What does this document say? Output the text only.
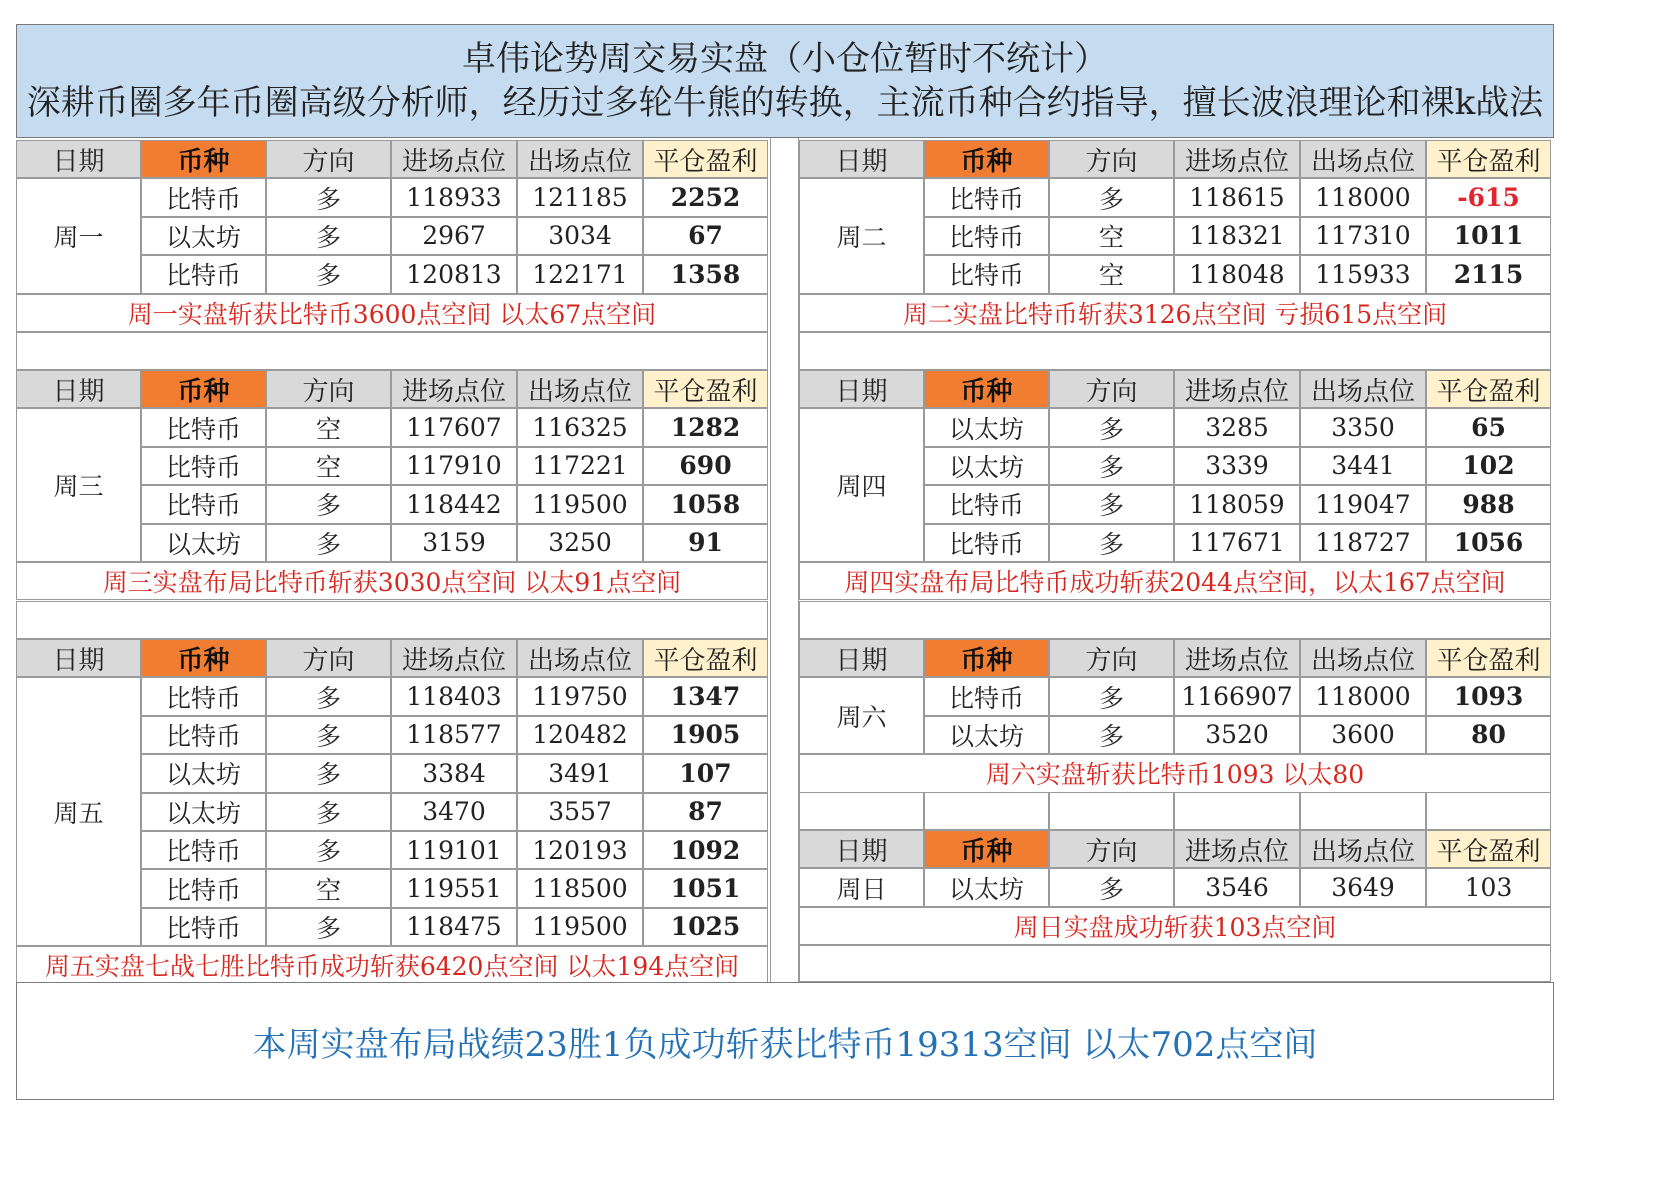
卓伟论势周交易实盘（小仓位暂时不统计）
深耕币圈多年币圈高级分析师，经历过多轮牛熊的转换，主流币种合约指导，擅长波浪理论和裸k战法
日期	币种	方向	进场点位 出场点位 平仓盈利
周一
比特币	多	118933	121185	2252
以太坊	多	2967	3034	67
比特币	多	120813	122171	1358
周一实盘斩获比特币3600点空间 以太67点空间
日期	币种	方向	进场点位 出场点位 平仓盈利
周二
比特币	多	118615	118000	-615
比特币	空	118321	117310	1011
比特币	空	118048	115933	2115
周二实盘比特币斩获3126点空间 亏损615点空间
日期	币种	方向	进场点位 出场点位 平仓盈利
周三
比特币	空	117607	116325	1282
比特币	空	117910	117221	690
比特币	多	118442	119500	1058
以太坊	多	3159	3250	91
周三实盘布局比特币斩获3030点空间 以太91点空间
日期	币种	方向	进场点位 出场点位 平仓盈利
周四
以太坊	多	3285	3350	65
以太坊	多	3339	3441	102
比特币	多	118059	119047	988
比特币	多	117671	118727	1056
周四实盘布局比特币成功斩获2044点空间，以太167点空间
日期	币种	方向	进场点位 出场点位 平仓盈利
周五
比特币	多	118403	119750	1347
比特币	多	118577	120482	1905
以太坊	多	3384	3491	107
以太坊	多	3470	3557	87
比特币	多	119101	120193	1092
比特币	空	119551	118500	1051
比特币	多	118475	119500	1025
周五实盘七战七胜比特币成功斩获6420点空间 以太194点空间
日期	币种	方向	进场点位 出场点位 平仓盈利
周六
比特币	多	1166907 118000	1093
以太坊	多	3520	3600	80
周六实盘斩获比特币1093 以太80
日期	币种	方向	进场点位 出场点位 平仓盈利
周日	以太坊	多	3546	3649	103
周日实盘成功斩获103点空间
本周实盘布局战绩23胜1负成功斩获比特币19313空间 以太702点空间
